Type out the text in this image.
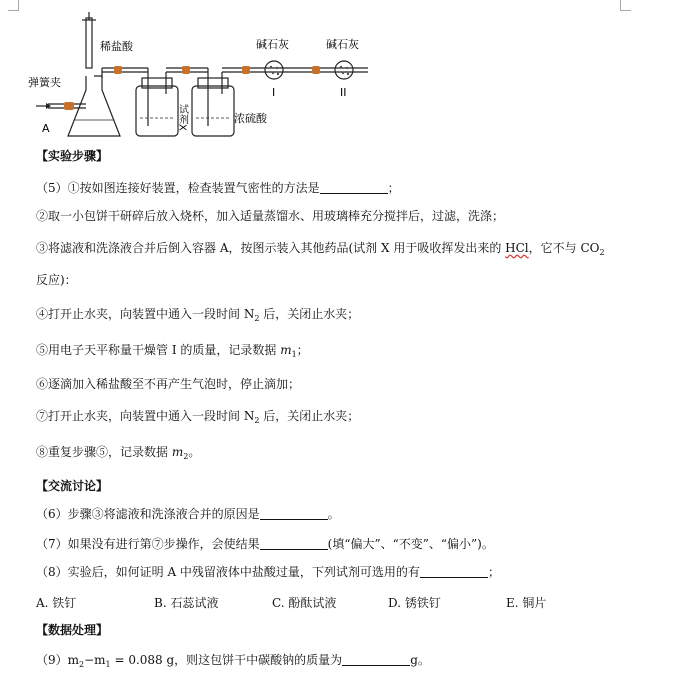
稀盐酸
弹簧夹
A	试剂X	浓硫酸
碱石灰	碱石灰
I	II
【实验步骤】
（5）①按如图连接好装置，检查装置气密性的方法是	；
②取一小包饼干研碎后放入烧杯，加入适量蒸馏水、用玻璃棒充分搅拌后，过滤，洗涤；
③将滤液和洗涤液合并后倒入容器 A，按图示装入其他药品(试剂 X 用于吸收挥发出来的 HCl，它不与 $CO_2$
反应)：
④打开止水夹，向装置中通入一段时间 $N_2$ 后，关闭止水夹；
⑤用电子天平称量干燥管 I 的质量，记录数据 $m_1$；
⑥逐滴加入稀盐酸至不再产生气泡时，停止滴加；
⑦打开止水夹，向装置中通入一段时间 $N_2$ 后，关闭止水夹；
⑧重复步骤⑤，记录数据 $m_2$。
【交流讨论】
（6）步骤③将滤液和洗涤液合并的原因是	。
（7）如果没有进行第⑦步操作，会使结果	(填“偏大”、“不变”、“偏小”)。
（8）实验后，如何证明 A 中残留液体中盐酸过量，下列试剂可选用的有	；
A. 铁钉	B. 石蕊试液	C. 酚酞试液	D. 锈铁钉	E. 铜片
【数据处理】
$(9)m_2-m_1 = 0.088$ g，则这包饼干中碳酸钠的质量为	g。
